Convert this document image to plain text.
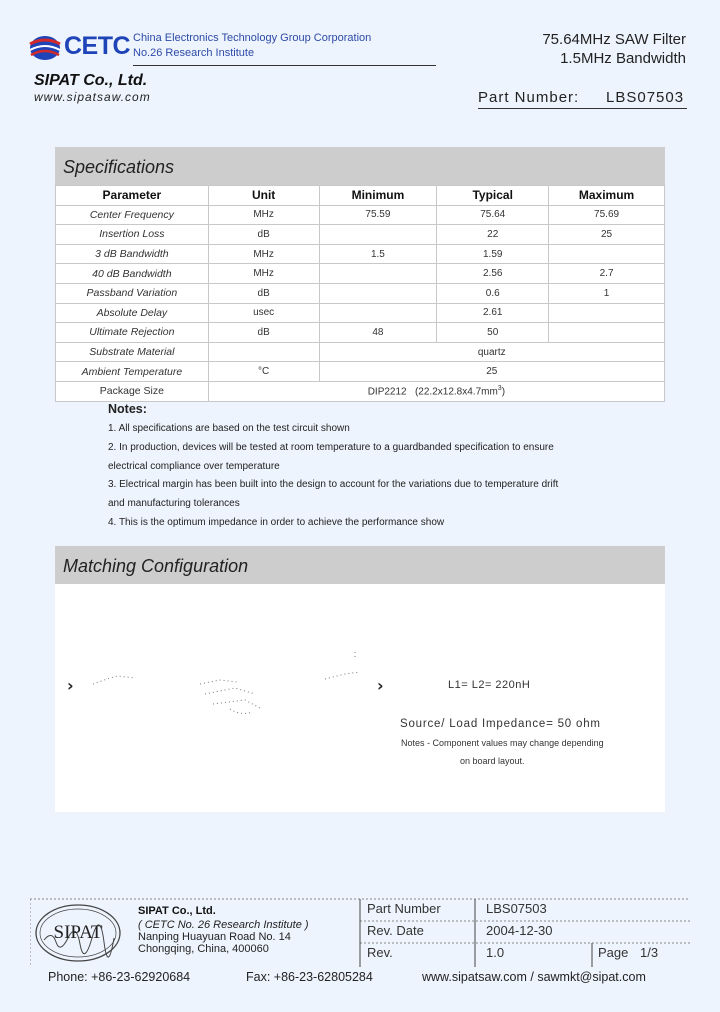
CETC China Electronics Technology Group Corporation
No.26 Research Institute
75.64MHz SAW Filter
1.5MHz Bandwidth
SIPAT Co., Ltd.
www.sipatsaw.com	Part Number: LBS07503
Specifications
Parameter	Unit	Minimum	Typical	Maximum
Center Frequency	MHz	75.59	75.64	75.69
Insertion Loss	dB		22	25
3 dB Bandwidth	MHz	1.5	1.59	
40 dB Bandwidth	MHz		2.56	2.7
Passband Variation	dB		0.6	1
Absolute Delay	usec		2.61	
Ultimate Rejection	dB	48	50	
Substrate Material		quartz		
Ambient Temperature	°C	25		
Package Size	DIP2212 $(22.2x12.8x4.7mm^3)$			
Notes:
1. All specifications are based on the test circuit shown
2. In production, devices will be tested at room temperature to a guardbanded specification to ensure
electrical compliance over temperature
3. Electrical margin has been built into the design to account for the variations due to temperature drift
and manufacturing tolerances
4. This is the optimum impedance in order to achieve the performance show
Matching Configuration
›	›	L1= L2= 220nH
Source/ Load Impedance= 50 ohm
Notes - Component values may change depending
on board layout.
SIPAT
SIPAT Co., Ltd.
( CETC No. 26 Research Institute )
Nanping Huayuan Road No. 14
Chongqing, China, 400060
Part Number	LBS07503
Rev. Date	2004-12-30
Rev.	1.0	Page 1/3
Phone: +86-23-62920684	Fax: +86-23-62805284	www.sipatsaw.com / sawmkt@sipat.com
